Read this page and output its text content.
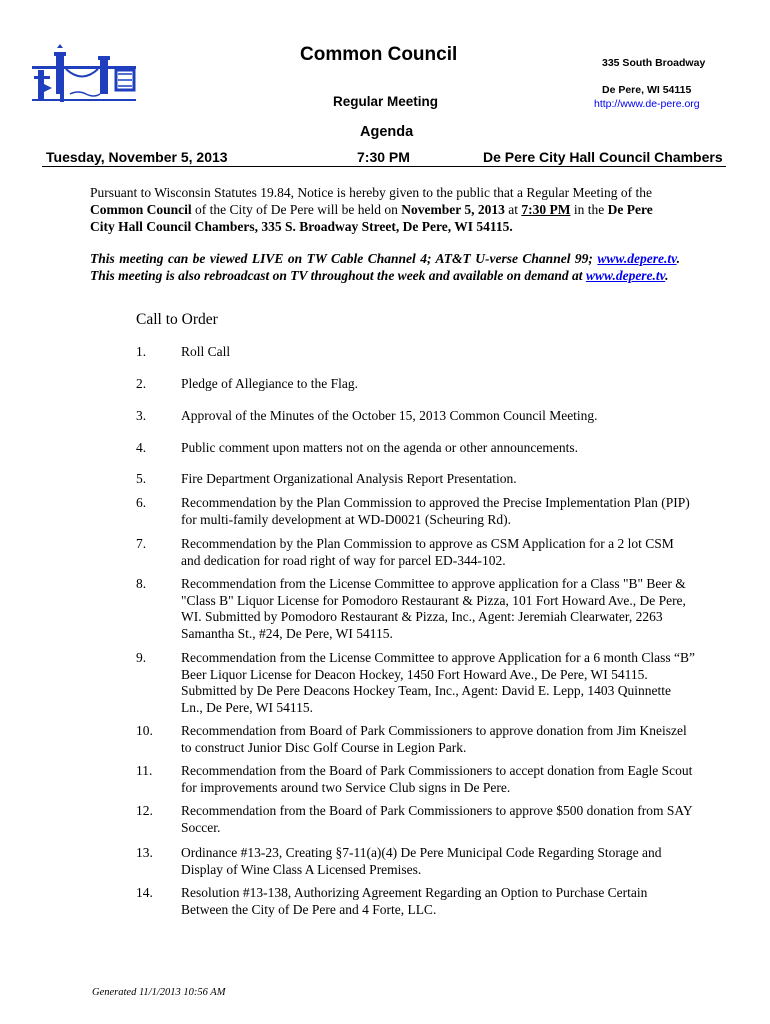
Common Council	335 South Broadway
De Pere, WI 54115
http://www.de-pere.org
Regular Meeting
Agenda
Tuesday, November 5, 2013	7:30 PM	De Pere City Hall Council Chambers
Pursuant to Wisconsin Statutes 19.84, Notice is hereby given to the public that a Regular Meeting of the Common Council of the City of De Pere will be held on November 5, 2013 at 7:30 PM in the De Pere City Hall Council Chambers, 335 S. Broadway Street, De Pere, WI 54115.
This meeting can be viewed LIVE on TW Cable Channel 4; AT&T U-verse Channel 99; www.depere.tv. This meeting is also rebroadcast on TV throughout the week and available on demand at www.depere.tv.
Call to Order
1.	Roll Call
2.	Pledge of Allegiance to the Flag.
3.	Approval of the Minutes of the October 15, 2013 Common Council Meeting.
4.	Public comment upon matters not on the agenda or other announcements.
5.	Fire Department Organizational Analysis Report Presentation.
6.	Recommendation by the Plan Commission to approved the Precise Implementation Plan (PIP) for multi-family development at WD-D0021 (Scheuring Rd).
7.	Recommendation by the Plan Commission to approve as CSM Application for a 2 lot CSM and dedication for road right of way for parcel ED-344-102.
8.	Recommendation from the License Committee to approve application for a Class "B" Beer & "Class B" Liquor License for Pomodoro Restaurant & Pizza, 101 Fort Howard Ave., De Pere, WI. Submitted by Pomodoro Restaurant & Pizza, Inc., Agent: Jeremiah Clearwater, 2263 Samantha St., #24, De Pere, WI 54115.
9.	Recommendation from the License Committee to approve Application for a 6 month Class “B” Beer Liquor License for Deacon Hockey, 1450 Fort Howard Ave., De Pere, WI 54115. Submitted by De Pere Deacons Hockey Team, Inc., Agent: David E. Lepp, 1403 Quinnette Ln., De Pere, WI 54115.
10. Recommendation from Board of Park Commissioners to approve donation from Jim Kneiszel to construct Junior Disc Golf Course in Legion Park.
11. Recommendation from the Board of Park Commissioners to accept donation from Eagle Scout for improvements around two Service Club signs in De Pere.
12. Recommendation from the Board of Park Commissioners to approve $500 donation from SAY Soccer.
13. Ordinance #13-23, Creating §7-11(a)(4) De Pere Municipal Code Regarding Storage and Display of Wine Class A Licensed Premises.
14. Resolution #13-138, Authorizing Agreement Regarding an Option to Purchase Certain Between the City of De Pere and 4 Forte, LLC.
Generated 11/1/2013 10:56 AM
